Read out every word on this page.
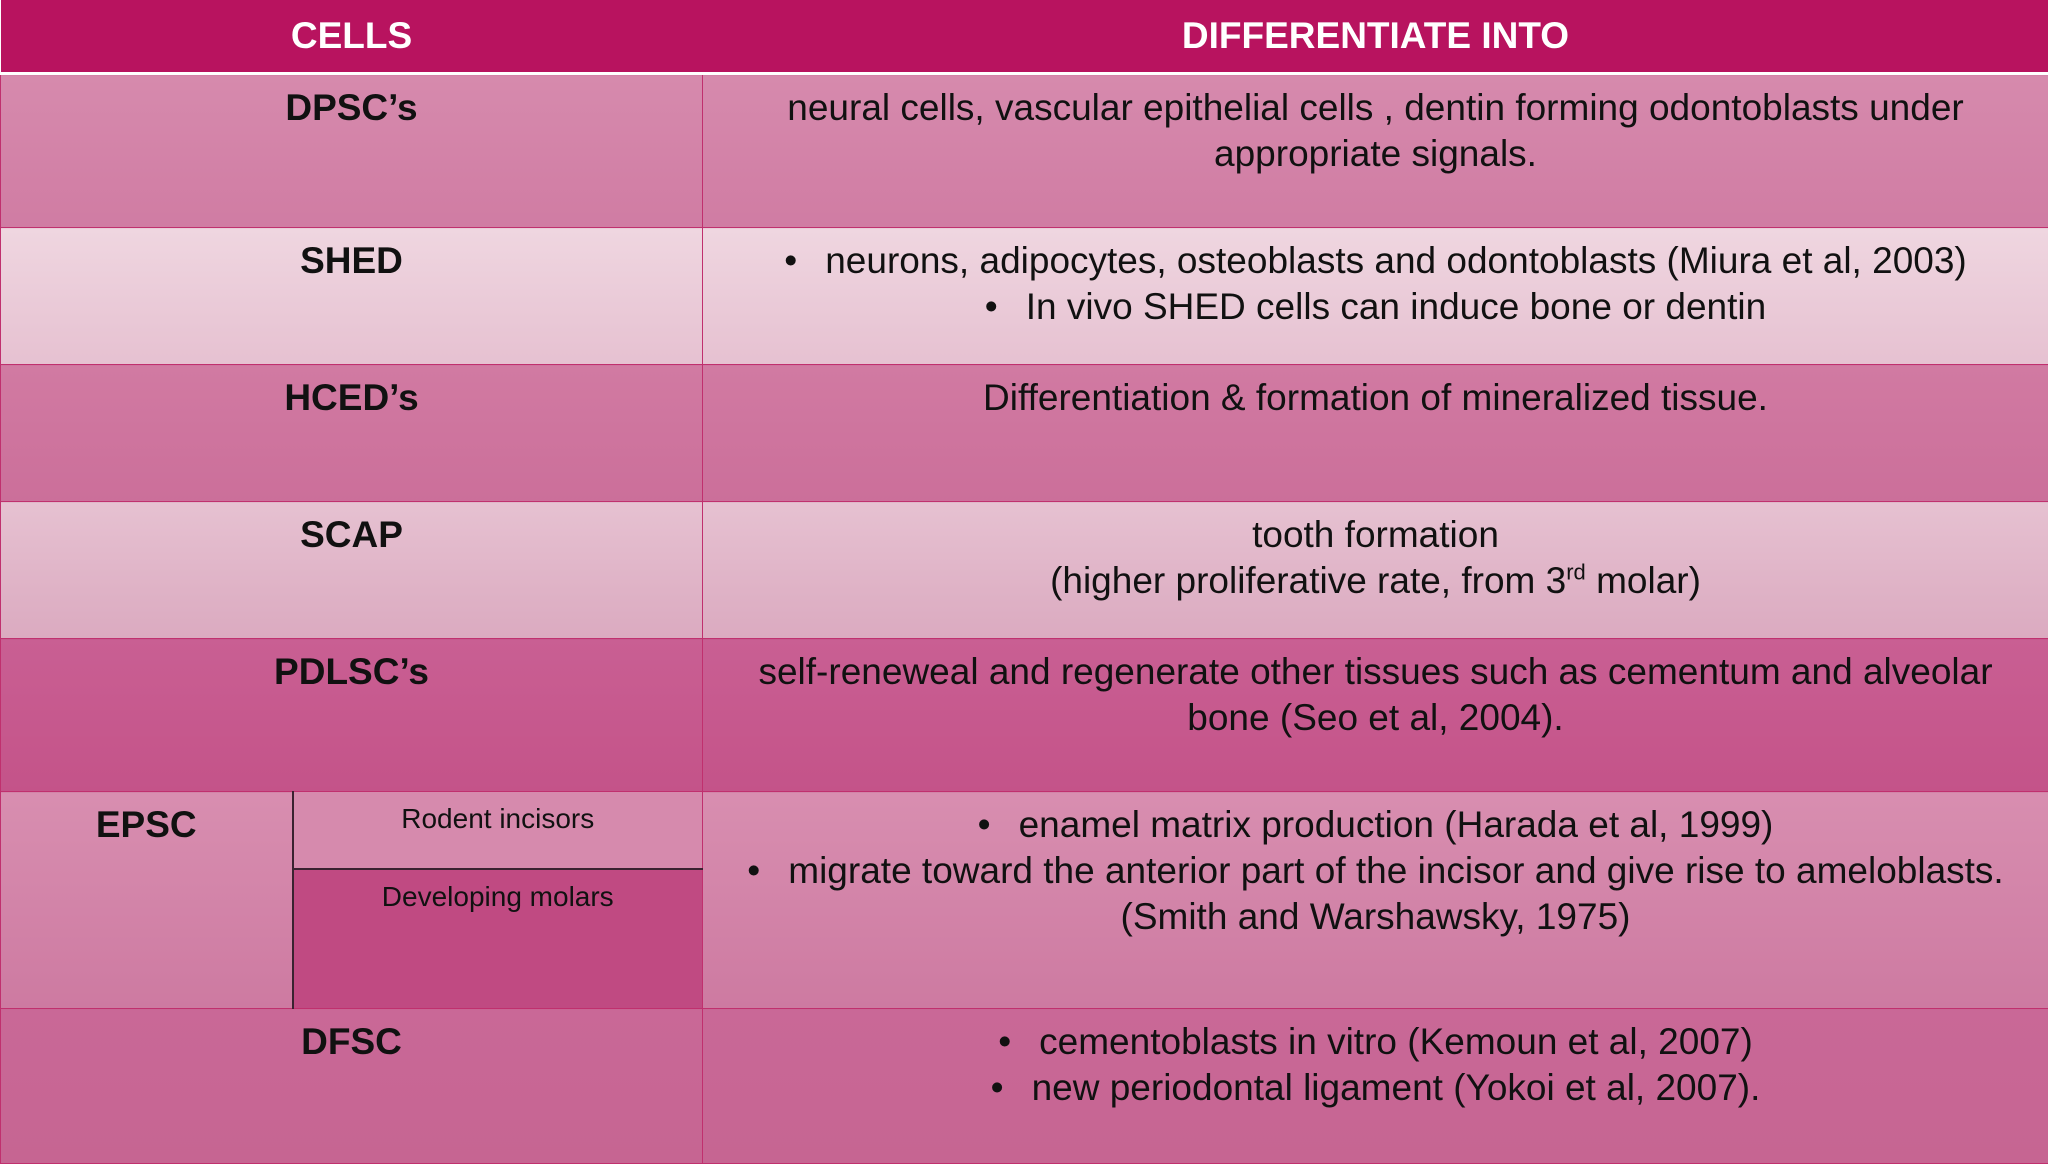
CELLS		DIFFERENTIATE INTO
DPSC’s		neural cells, vascular epithelial cells , dentin forming odontoblasts under appropriate signals.
SHED		• neurons, adipocytes, osteoblasts and odontoblasts (Miura et al, 2003)
• In vivo SHED cells can induce bone or dentin

HCED’s		Differentiation & formation of mineralized tissue.
SCAP		tooth formation
(higher proliferative rate, from 3rd molar)

PDLSC’s		self-reneweal and regenerate other tissues such as cementum and alveolar bone (Seo et al, 2004).
EPSC	Rodent incisors	• enamel matrix production (Harada et al, 1999)
• migrate toward the anterior part of the incisor and give rise to ameloblasts.
(Smith and Warshawsky, 1975)

	Developing molars	
DFSC		• cementoblasts in vitro (Kemoun et al, 2007)
• new periodontal ligament (Yokoi et al, 2007).
